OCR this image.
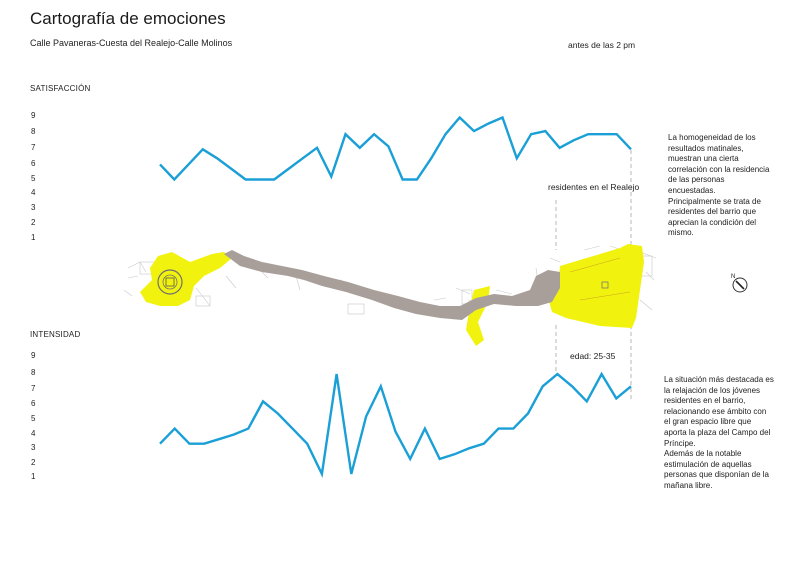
Cartografía de emociones
Calle Pavaneras-Cuesta del Realejo-Calle Molinos	antes de las 2 pm
SATISFACCIÓN
1
2
3
4
5
6
7
8
9
residentes en el Realejo
La homogeneidad de los
resultados matinales,
muestran una cierta
correlación con la residencia
de las personas
encuestadas.
Principalmente se trata de
residentes del barrio que
aprecian la condición del
mismo.
INTENSIDAD
1
2
3
4
5
6
7
8
9	edad: 25-35
La situación más destacada es
la relajación de los jóvenes
residentes en el barrio,
relacionando ese ámbito con
el gran espacio libre que
aporta la plaza del Campo del
Príncipe.
Además de la notable
estimulación de aquellas
personas que disponían de la
mañana libre.
N
